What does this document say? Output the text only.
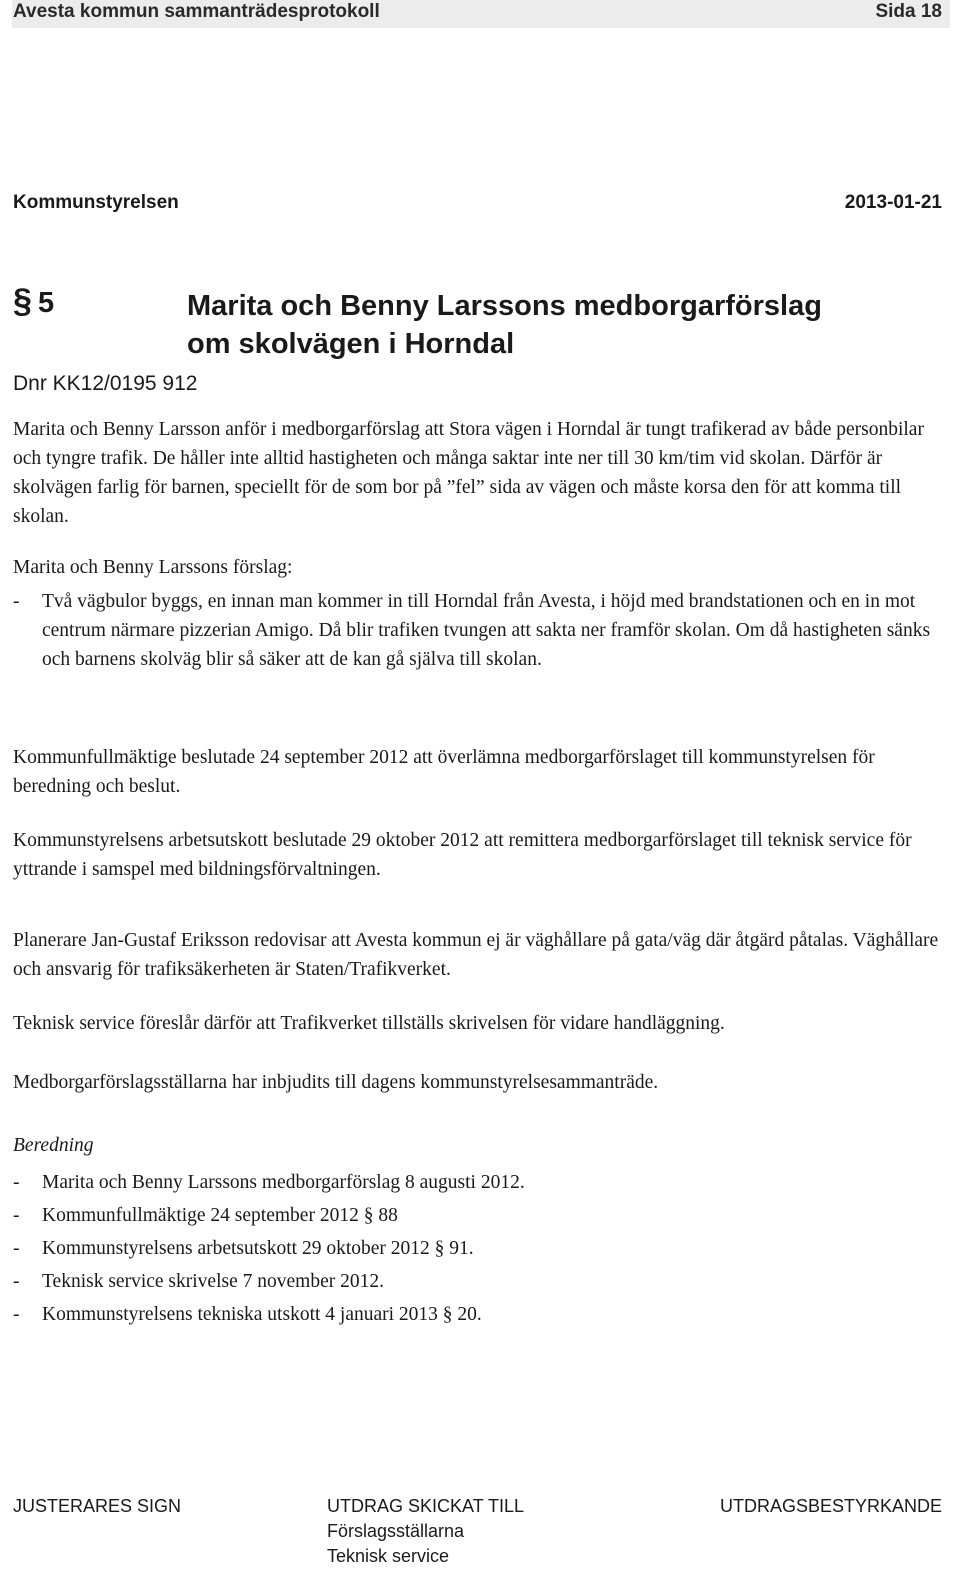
Avesta kommun sammanträdesprotokoll	Sida 18
Kommunstyrelsen	2013-01-21
§ 5	Marita och Benny Larssons medborgarförslag
om skolvägen i Horndal
Dnr KK12/0195 912

Marita och Benny Larsson anför i medborgarförslag att Stora vägen i Horndal är tungt trafikerad av både personbilar och tyngre trafik. De håller inte alltid hastigheten och många saktar inte ner till 30 km/tim vid skolan. Därför är skolvägen farlig för barnen, speciellt för de som bor på ”fel” sida av vägen och måste korsa den för att komma till skolan.

Marita och Benny Larssons förslag:

-	Två vägbulor byggs, en innan man kommer in till Horndal från Avesta, i höjd med brandstationen och en in mot centrum närmare pizzerian Amigo. Då blir trafiken tvungen att sakta ner framför skolan. Om då hastigheten sänks och barnens skolväg blir så säker att de kan gå själva till skolan.

Kommunfullmäktige beslutade 24 september 2012 att överlämna medborgarförslaget till kommunstyrelsen för beredning och beslut.

Kommunstyrelsens arbetsutskott beslutade 29 oktober 2012 att remittera medborgarförslaget till teknisk service för yttrande i samspel med bildningsförvaltningen.

Planerare Jan-Gustaf Eriksson redovisar att Avesta kommun ej är väghållare på gata/väg där åtgärd påtalas. Väghållare och ansvarig för trafiksäkerheten är Staten/Trafikverket.

Teknisk service föreslår därför att Trafikverket tillställs skrivelsen för vidare handläggning.

Medborgarförslagsställarna har inbjudits till dagens kommunstyrelsesammanträde.

Beredning
-	Marita och Benny Larssons medborgarförslag 8 augusti 2012.
-	Kommunfullmäktige 24 september 2012 § 88
-	Kommunstyrelsens arbetsutskott 29 oktober 2012 § 91.
-	Teknisk service skrivelse 7 november 2012.
-	Kommunstyrelsens tekniska utskott 4 januari 2013 § 20.
JUSTERARES SIGN	UTDRAG SKICKAT TILL
Förslagsställarna
Teknisk service
UTDRAGSBESTYRKANDE
